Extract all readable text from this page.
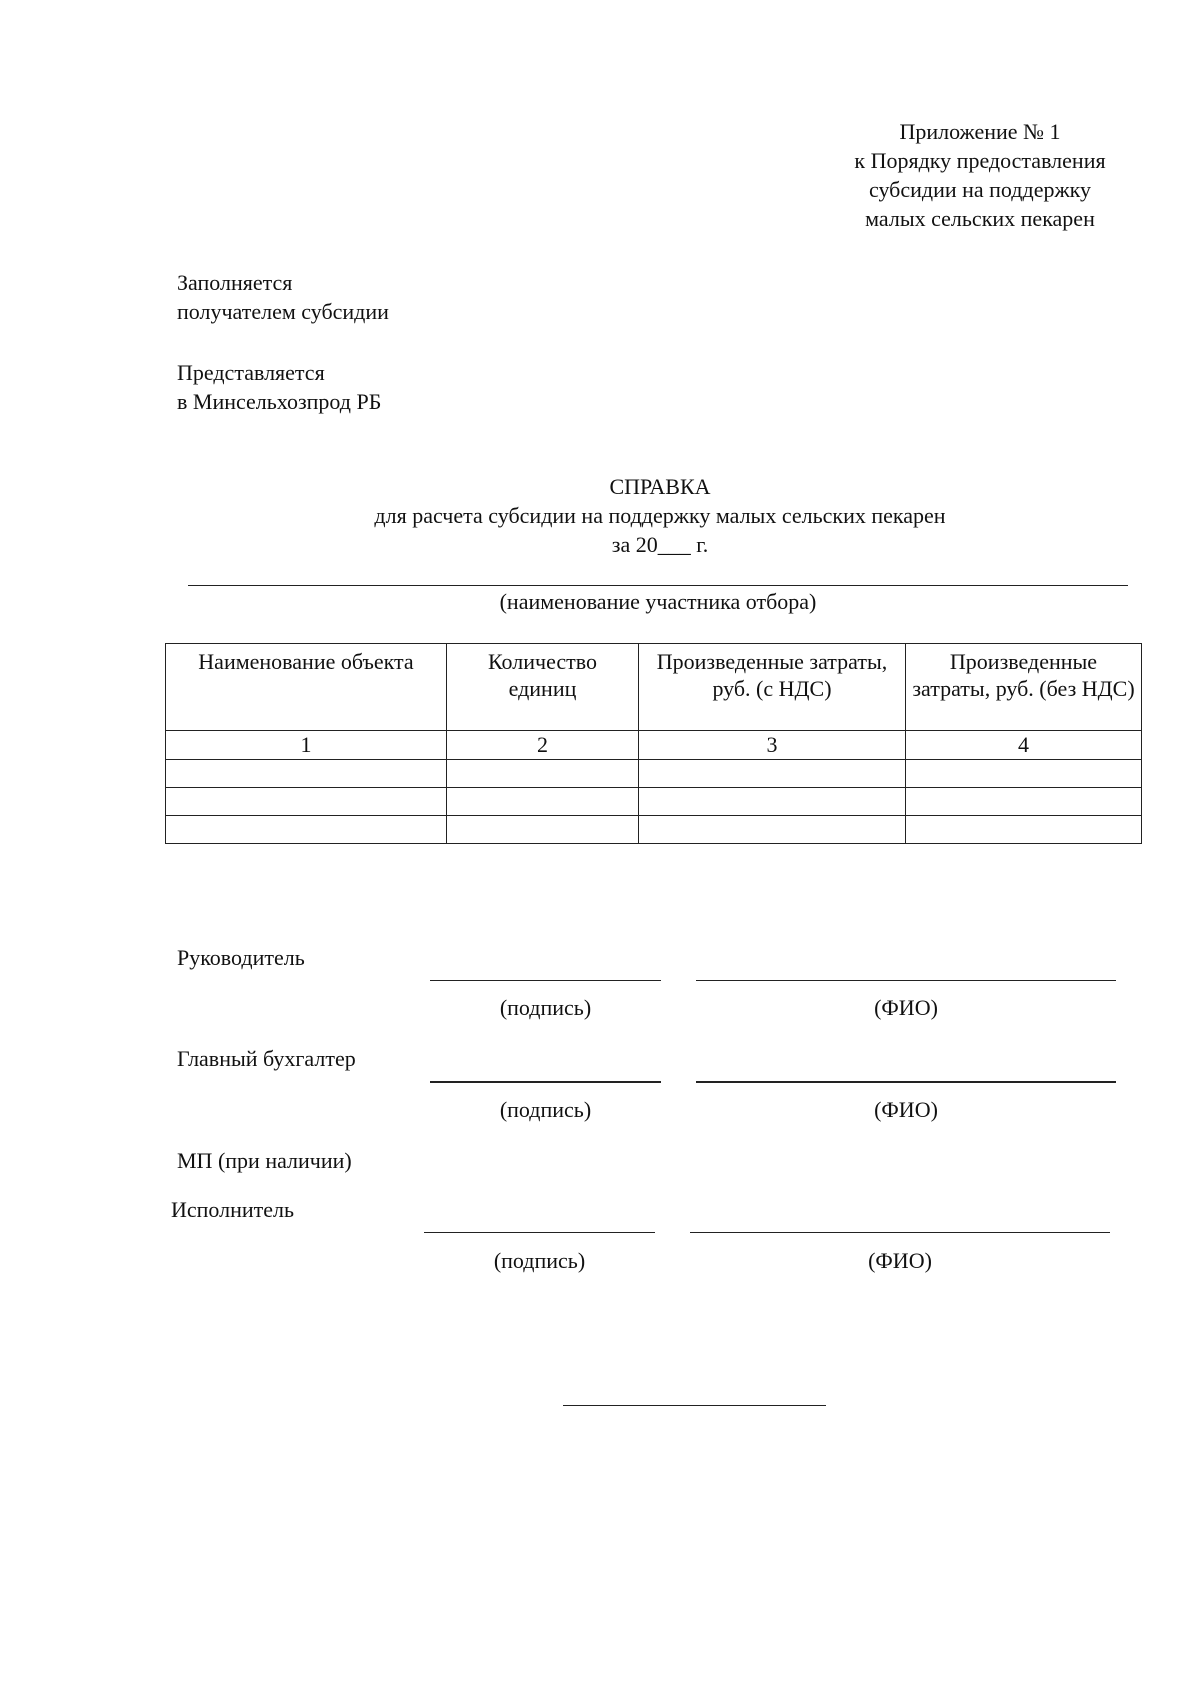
Приложение № 1
к Порядку предоставления
субсидии на поддержку
малых сельских пекарен
Заполняется
получателем субсидии
Представляется
в Минсельхозпрод РБ
СПРАВКА
для расчета субсидии на поддержку малых сельских пекарен
за 20___ г.
(наименование участника отбора)
Наименование объекта	Количество единиц	Произведенные затраты, руб. (с НДС)	Произведенные затраты, руб. (без НДС)
1	2	3	4

Руководитель
(подпись)	(ФИО)
Главный бухгалтер
(подпись)	(ФИО)
МП (при наличии)
Исполнитель
(подпись)	(ФИО)
